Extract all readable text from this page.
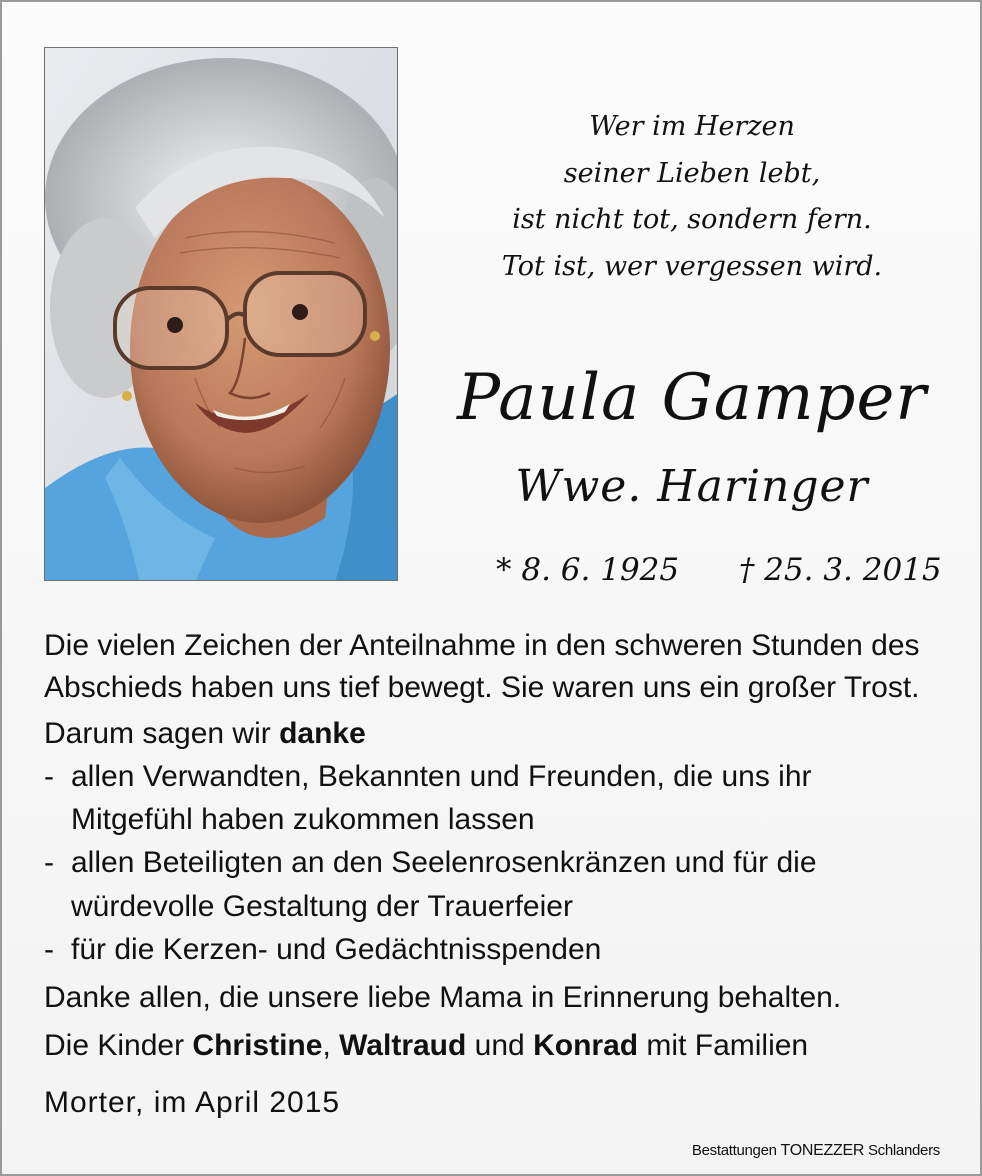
Wer im Herzen
seiner Lieben lebt,
ist nicht tot, sondern fern.
Tot ist, wer vergessen wird.
Paula Gamper
Wwe. Haringer
* 8. 6. 1925 † 25. 3. 2015
Die vielen Zeichen der Anteilnahme in den schweren Stunden des
Abschieds haben uns tief bewegt. Sie waren uns ein großer Trost.
Darum sagen wir danke
- allen Verwandten, Bekannten und Freunden, die uns ihr
Mitgefühl haben zukommen lassen
- allen Beteiligten an den Seelenrosenkränzen und für die
würdevolle Gestaltung der Trauerfeier
- für die Kerzen- und Gedächtnisspenden
Danke allen, die unsere liebe Mama in Erinnerung behalten.
Die Kinder Christine, Waltraud und Konrad mit Familien
Morter, im April 2015
Bestattungen TONEZZER Schlanders
